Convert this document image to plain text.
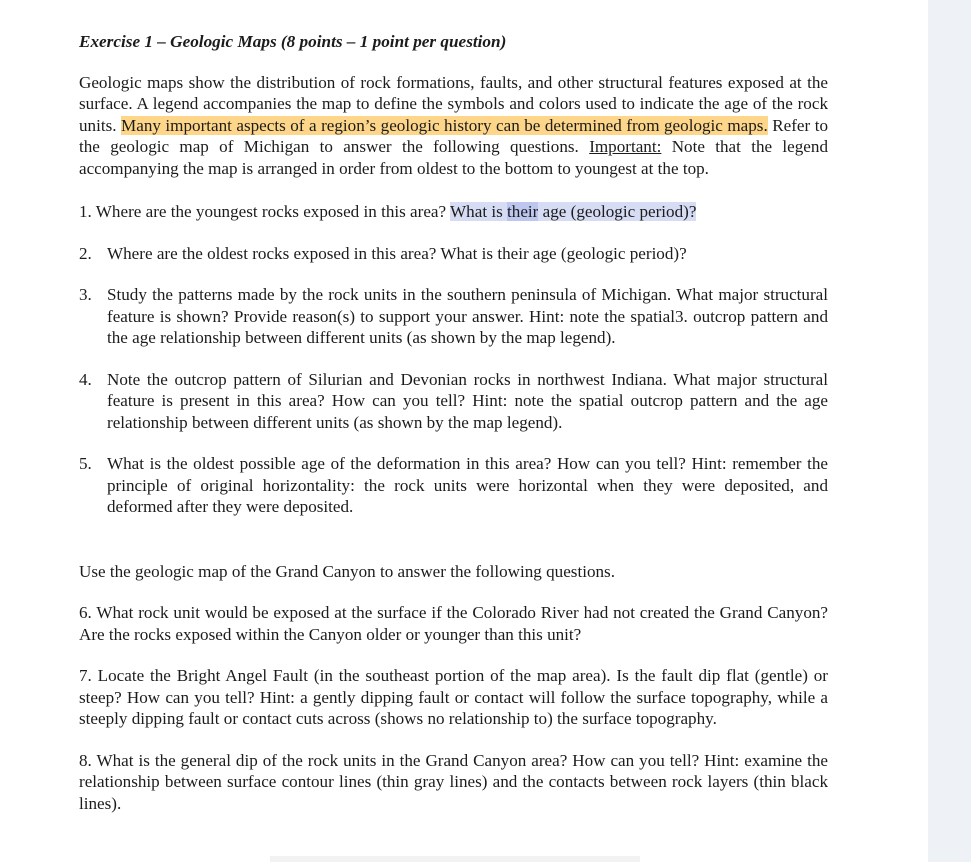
Exercise 1 – Geologic Maps (8 points – 1 point per question)

Geologic maps show the distribution of rock formations, faults, and other structural features exposed at the surface. A legend accompanies the map to define the symbols and colors used to indicate the age of the rock units. Many important aspects of a region’s geologic history can be determined from geologic maps. Refer to the geologic map of Michigan to answer the following questions. Important: Note that the legend accompanying the map is arranged in order from oldest to the bottom to youngest at the top.

1. Where are the youngest rocks exposed in this area? What is their age (geologic period)?

2. Where are the oldest rocks exposed in this area? What is their age (geologic period)?
3. Study the patterns made by the rock units in the southern peninsula of Michigan. What major structural feature is shown? Provide reason(s) to support your answer. Hint: note the spatial3. outcrop pattern and the age relationship between different units (as shown by the map legend).
4. Note the outcrop pattern of Silurian and Devonian rocks in northwest Indiana. What major structural feature is present in this area? How can you tell? Hint: note the spatial outcrop pattern and the age relationship between different units (as shown by the map legend).
5. What is the oldest possible age of the deformation in this area? How can you tell? Hint: remember the principle of original horizontality: the rock units were horizontal when they were deposited, and deformed after they were deposited.

Use the geologic map of the Grand Canyon to answer the following questions.

6. What rock unit would be exposed at the surface if the Colorado River had not created the Grand Canyon? Are the rocks exposed within the Canyon older or younger than this unit?

7. Locate the Bright Angel Fault (in the southeast portion of the map area). Is the fault dip flat (gentle) or steep? How can you tell? Hint: a gently dipping fault or contact will follow the surface topography, while a steeply dipping fault or contact cuts across (shows no relationship to) the surface topography.

8. What is the general dip of the rock units in the Grand Canyon area? How can you tell? Hint: examine the relationship between surface contour lines (thin gray lines) and the contacts between rock layers (thin black lines).
